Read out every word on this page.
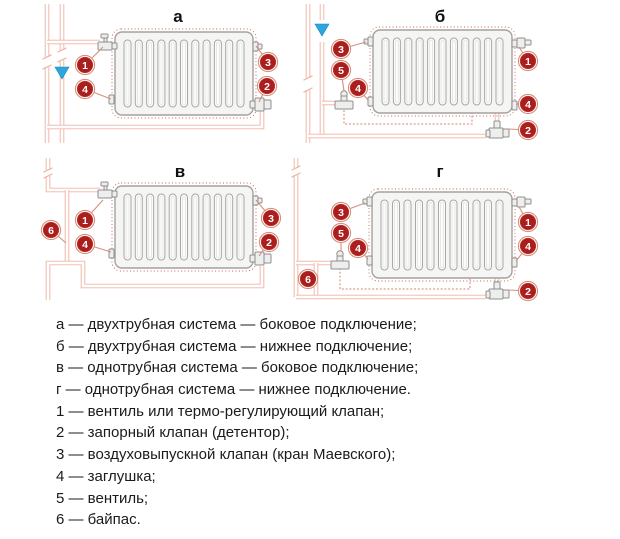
1
4
3
2
а
3
5
4
1
4
2
б
1
4
3
2
6
в
3
5
4
1
4
2
6
г
а — двухтрубная система — боковое подключение;
б — двухтрубная система — нижнее подключение;
в — однотрубная система — боковое подключение;
г — однотрубная система — нижнее подключение.
1 — вентиль или термо-регулирующий клапан;
2 — запорный клапан (детентор);
3 — воздуховыпускной клапан (кран Маевского);
4 — заглушка;
5 — вентиль;
6 — байпас.
